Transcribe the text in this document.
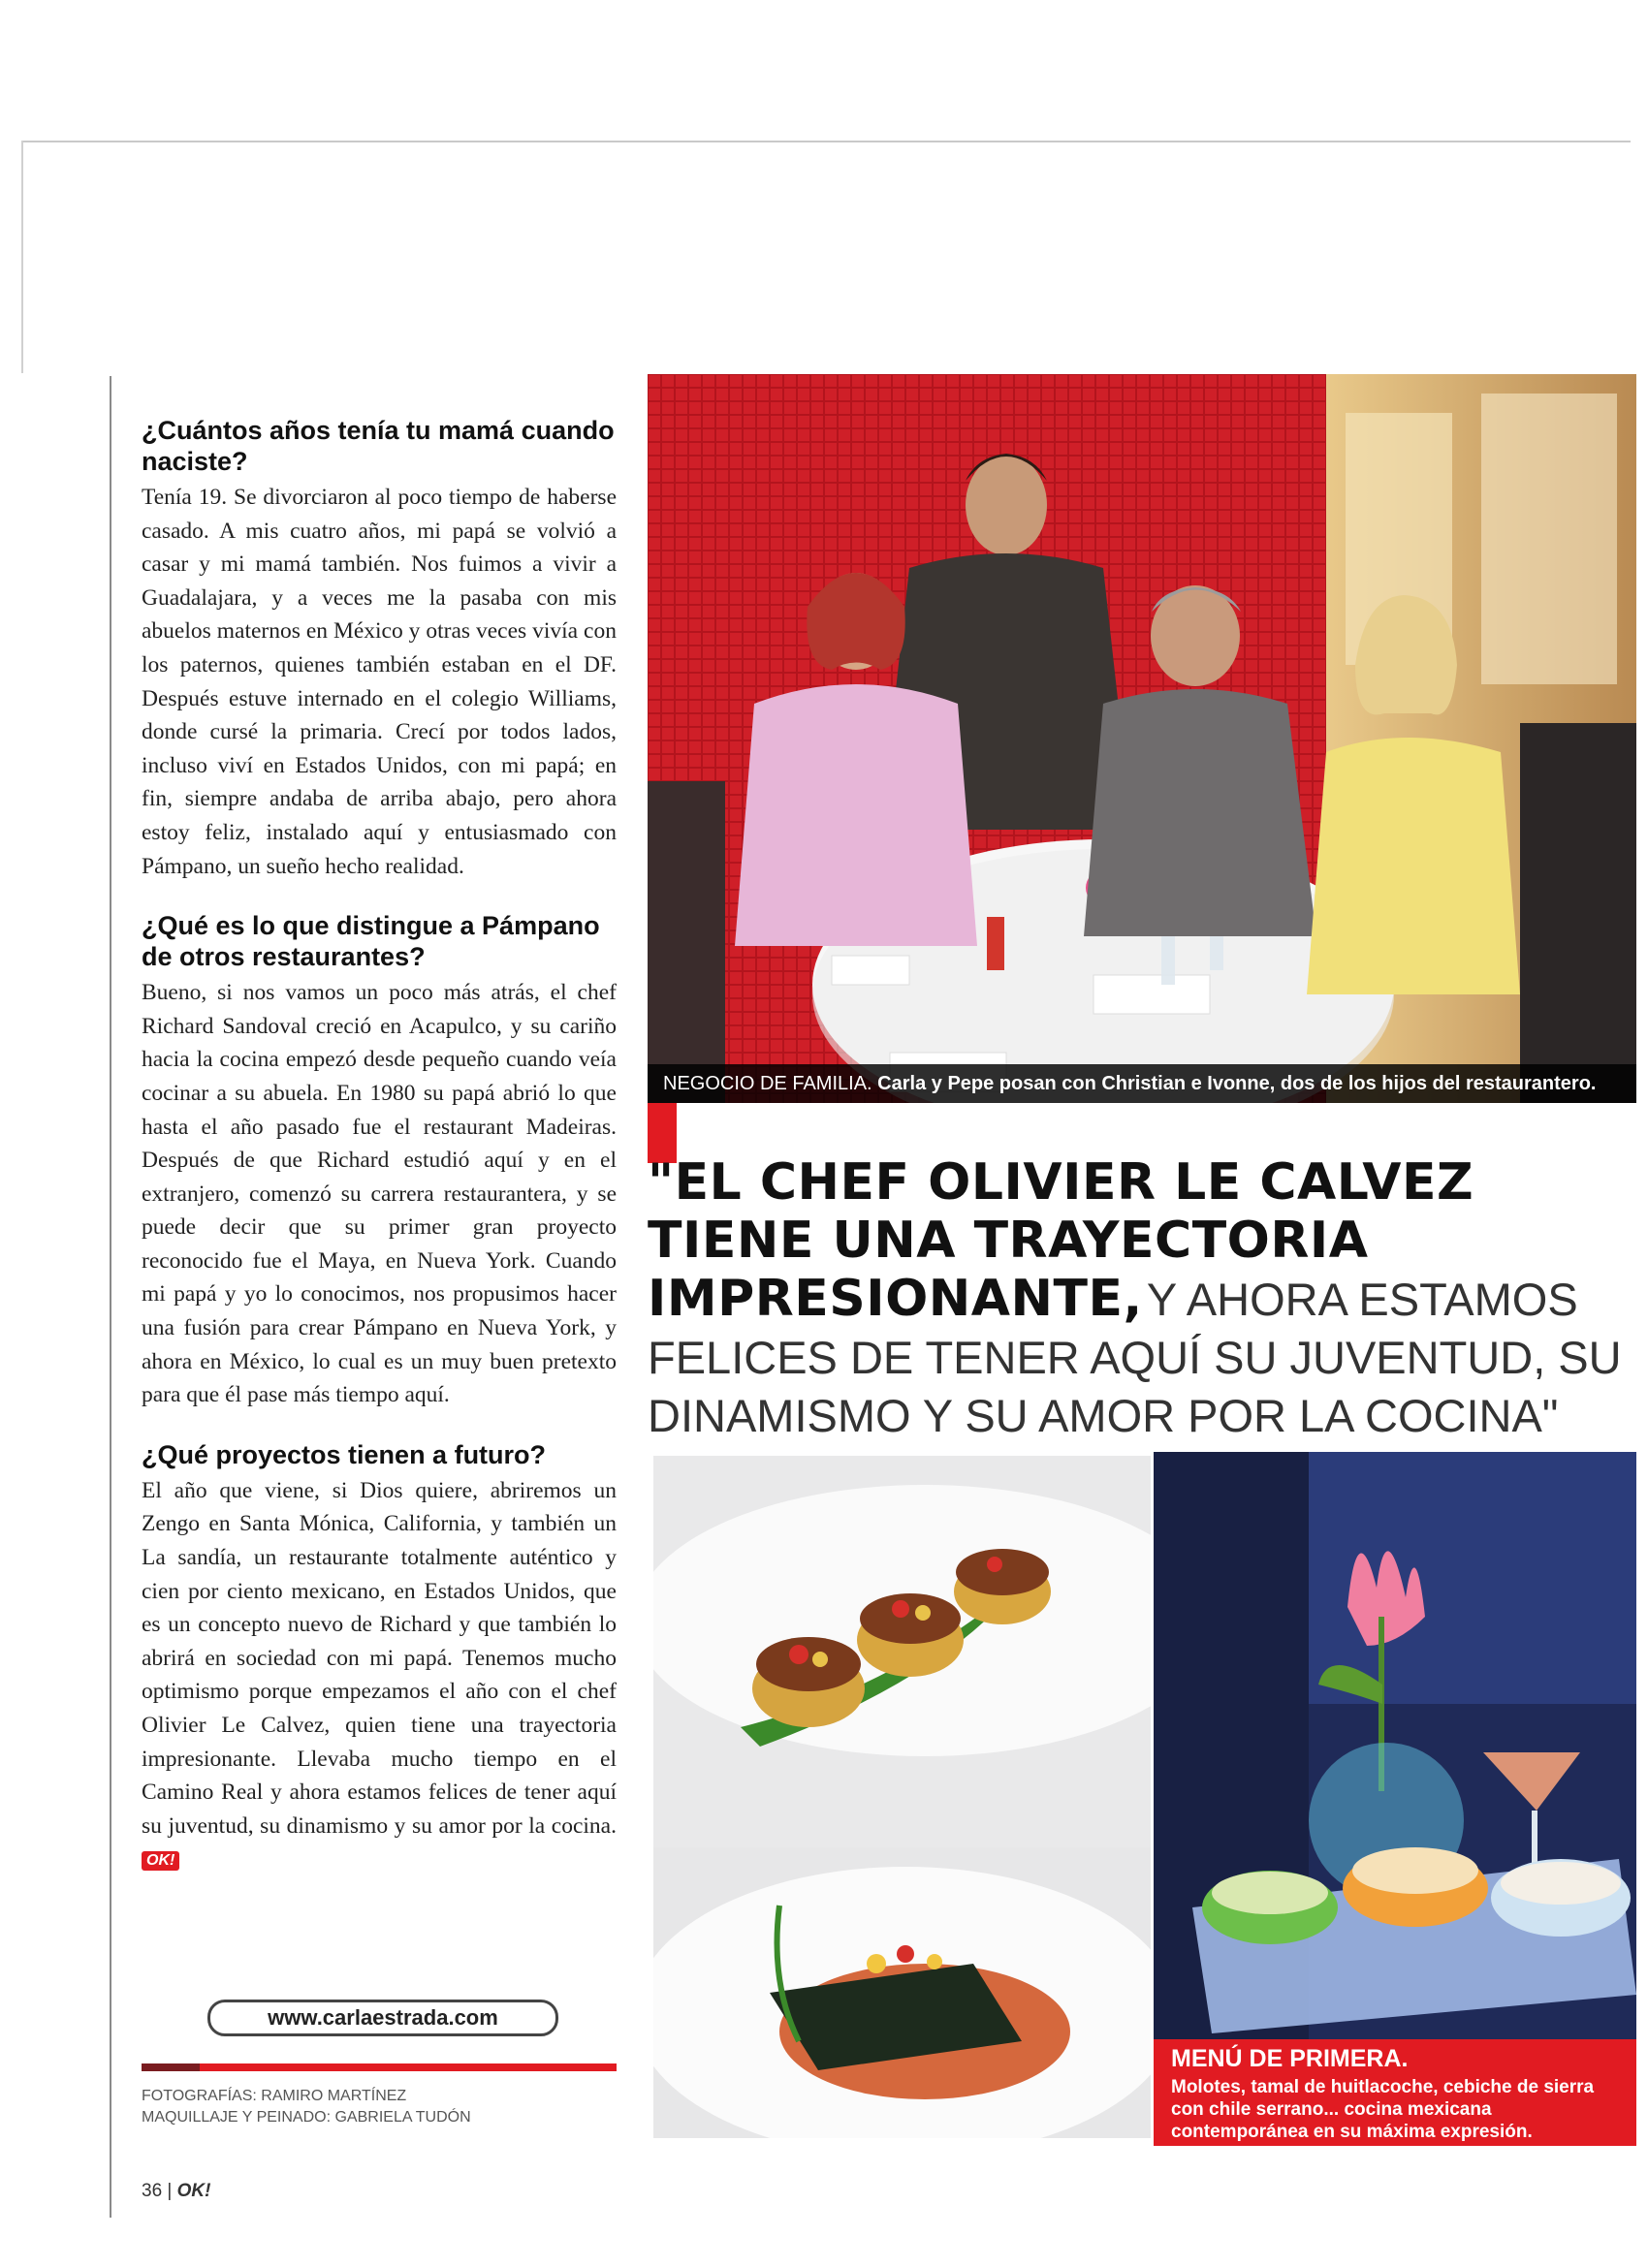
¿Cuántos años tenía tu mamá cuando naciste?

Tenía 19. Se divorciaron al poco tiempo de haberse casado. A mis cuatro años, mi papá se volvió a casar y mi mamá también. Nos fuimos a vivir a Guadalajara, y a veces me la pasaba con mis abuelos maternos en México y otras veces vivía con los paternos, quienes también estaban en el DF. Después estuve internado en el colegio Williams, donde cursé la primaria. Crecí por todos lados, incluso viví en Estados Unidos, con mi papá; en fin, siempre andaba de arriba abajo, pero ahora estoy feliz, instalado aquí y entusiasmado con Pámpano, un sueño hecho realidad.

¿Qué es lo que distingue a Pámpano de otros restaurantes?

Bueno, si nos vamos un poco más atrás, el chef Richard Sandoval creció en Acapulco, y su cariño hacia la cocina empezó desde pequeño cuando veía cocinar a su abuela. En 1980 su papá abrió lo que hasta el año pasado fue el restaurant Madeiras. Después de que Richard estudió aquí y en el extranjero, comenzó su carrera restaurantera, y se puede decir que su primer gran proyecto reconocido fue el Maya, en Nueva York. Cuando mi papá y yo lo conocimos, nos propusimos hacer una fusión para crear Pámpano en Nueva York, y ahora en México, lo cual es un muy buen pretexto para que él pase más tiempo aquí.

¿Qué proyectos tienen a futuro?

El año que viene, si Dios quiere, abriremos un Zengo en Santa Mónica, California, y también un La sandía, un restaurante totalmente auténtico y cien por ciento mexicano, en Estados Unidos, que es un concepto nuevo de Richard y que también lo abrirá en sociedad con mi papá. Tenemos mucho optimismo porque empezamos el año con el chef Olivier Le Calvez, quien tiene una trayectoria impresionante. Llevaba mucho tiempo en el Camino Real y ahora estamos felices de tener aquí su juventud, su dinamismo y su amor por la cocina. OK!

www.carlaestrada.com
FOTOGRAFÍAS: RAMIRO MARTÍNEZ
MAQUILLAJE Y PEINADO: GABRIELA TUDÓN
36 | OK!
NEGOCIO DE FAMILIA. Carla y Pepe posan con Christian e Ivonne, dos de los hijos del restaurantero.
"EL CHEF OLIVIER LE CALVEZ TIENE UNA TRAYECTORIA IMPRESIONANTE, Y AHORA ESTAMOS FELICES DE TENER AQUÍ SU JUVENTUD, SU DINAMISMO Y SU AMOR POR LA COCINA"
MENÚ DE PRIMERA.
Molotes, tamal de huitlacoche, cebiche de sierra con chile serrano... cocina mexicana contemporánea en su máxima expresión.
